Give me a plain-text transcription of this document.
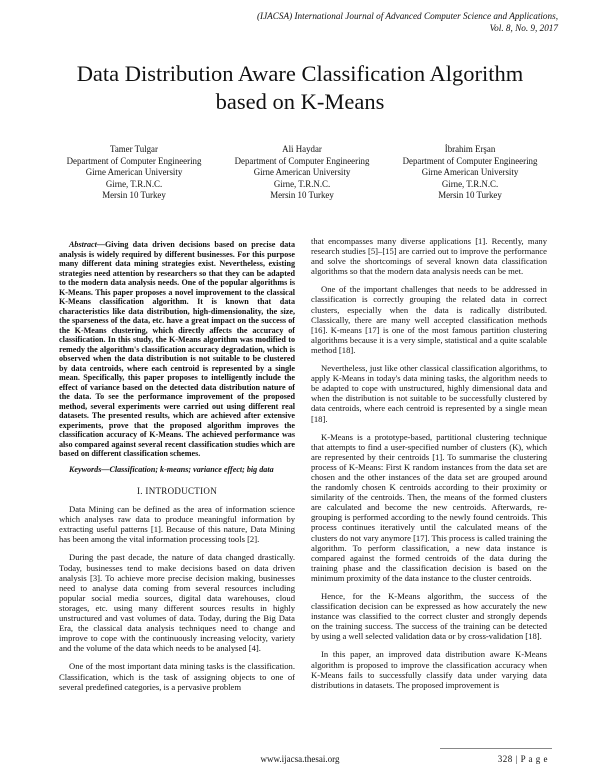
(IJACSA) International Journal of Advanced Computer Science and Applications,
Vol. 8, No. 9, 2017
Data Distribution Aware Classification Algorithm
based on K-Means
Tamer Tulgar
Department of Computer Engineering
Girne American University
Girne, T.R.N.C.
Mersin 10 Turkey
Ali Haydar
Department of Computer Engineering
Girne American University
Girne, T.R.N.C.
Mersin 10 Turkey
İbrahim Erşan
Department of Computer Engineering
Girne American University
Girne, T.R.N.C.
Mersin 10 Turkey

Abstract—Giving data driven decisions based on precise data analysis is widely required by different businesses. For this purpose many different data mining strategies exist. Nevertheless, existing strategies need attention by researchers so that they can be adapted to the modern data analysis needs. One of the popular algorithms is K-Means. This paper proposes a novel improvement to the classical K-Means classification algorithm. It is known that data characteristics like data distribution, high-dimensionality, the size, the sparseness of the data, etc. have a great impact on the success of the K-Means clustering, which directly affects the accuracy of classification. In this study, the K-Means algorithm was modified to remedy the algorithm's classification accuracy degradation, which is observed when the data distribution is not suitable to be clustered by data centroids, where each centroid is represented by a single mean. Specifically, this paper proposes to intelligently include the effect of variance based on the detected data distribution nature of the data. To see the performance improvement of the proposed method, several experiments were carried out using different real datasets. The presented results, which are achieved after extensive experiments, prove that the proposed algorithm improves the classification accuracy of K-Means. The achieved performance was also compared against several recent classification studies which are based on different classification schemes.

Keywords—Classification; k-means; variance effect; big data

I. INTRODUCTION

Data Mining can be defined as the area of information science which analyses raw data to produce meaningful information by extracting useful patterns [1]. Because of this nature, Data Mining has been among the vital information processing tools [2].

During the past decade, the nature of data changed drastically. Today, businesses tend to make decisions based on data driven analysis [3]. To achieve more precise decision making, businesses need to analyse data coming from several resources including popular social media sources, digital data warehouses, cloud storages, etc. using many different sources results in highly unstructured and vast volumes of data. Today, during the Big Data Era, the classical data analysis techniques need to change and improve to cope with the continuously increasing velocity, variety and the volume of the data which needs to be analysed [4].

One of the most important data mining tasks is the classification. Classification, which is the task of assigning objects to one of several predefined categories, is a pervasive problem

that encompasses many diverse applications [1]. Recently, many research studies [5]–[15] are carried out to improve the performance and solve the shortcomings of several known data classification algorithms so that the modern data analysis needs can be met.

One of the important challenges that needs to be addressed in classification is correctly grouping the related data in correct clusters, especially when the data is radically distributed. Classically, there are many well accepted classification methods [16]. K-means [17] is one of the most famous partition clustering algorithms because it is a very simple, statistical and a quite scalable method [18].

Nevertheless, just like other classical classification algorithms, to apply K-Means in today's data mining tasks, the algorithm needs to be adapted to cope with unstructured, highly dimensional data and when the distribution is not suitable to be successfully clustered by data centroids, where each centroid is represented by a single mean [18].

K-Means is a prototype-based, partitional clustering technique that attempts to find a user-specified number of clusters (K), which are represented by their centroids [1]. To summarise the clustering process of K-Means: First K random instances from the data set are chosen and the other instances of the data set are grouped around the randomly chosen K centroids according to their proximity or similarity of the centroids. Then, the means of the formed clusters are calculated and become the new centroids. Afterwards, re-grouping is performed according to the newly found centroids. This process continues iteratively until the calculated means of the clusters do not vary anymore [17]. This process is called training the algorithm. To perform classification, a new data instance is compared against the formed centroids of the data during the training phase and the classification decision is based on the minimum proximity of the data instance to the cluster centroids.

Hence, for the K-Means algorithm, the success of the classification decision can be expressed as how accurately the new instance was classified to the correct cluster and strongly depends on the training success. The success of the training can be detected by using a well selected validation data or by cross-validation [18].

In this paper, an improved data distribution aware K-Means algorithm is proposed to improve the classification accuracy when K-Means fails to successfully classify data under varying data distributions in datasets. The proposed improvement is

www.ijacsa.thesai.org	328 | P a g e
